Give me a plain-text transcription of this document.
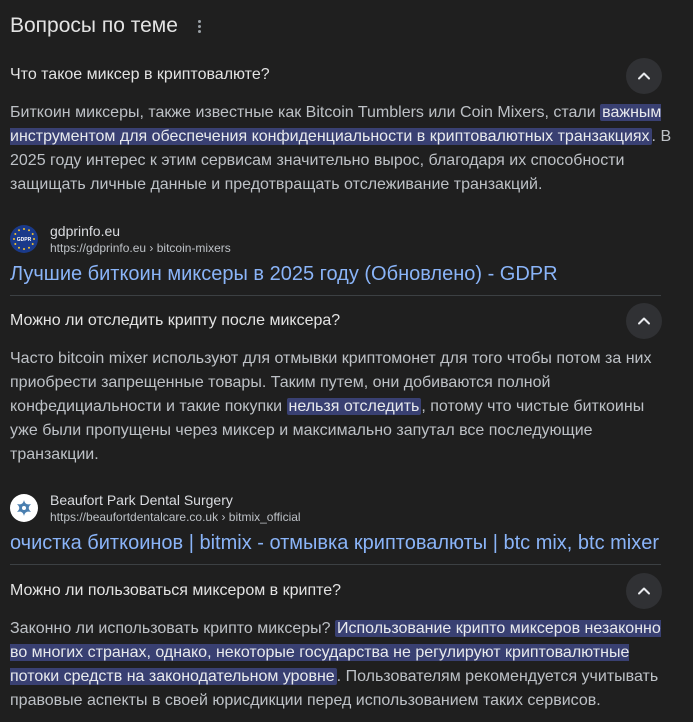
Вопросы по теме
Что такое миксер в криптовалюте?
Биткоин миксеры, также известные как Bitcoin Tumblers или Coin Mixers, стали важным инструментом для обеспечения конфиденциальности в криптовалютных транзакциях . В 2025 году интерес к этим сервисам значительно вырос, благодаря их способности защищать личные данные и предотвращать отслеживание транзакций.
GDPR
gdprinfo.eu
https://gdprinfo.eu › bitcoin-mixers
Лучшие биткоин миксеры в 2025 году (Обновлено) - GDPR
Можно ли отследить крипту после миксера?
Часто bitcoin mixer используют для отмывки криптомонет для того чтобы потом за них приобрести запрещенные товары. Таким путем, они добиваются полной конфедициальности и такие покупки нельзя отследить , потому что чистые биткоины уже были пропущены через миксер и максимально запутал все последующие транзакции.
Beaufort Park Dental Surgery
https://beaufortdentalcare.co.uk › bitmix_official
очистка биткоинов | bitmix - отмывка криптовалюты | btc mix, btc mixer
Можно ли пользоваться миксером в крипте?
Законно ли использовать крипто миксеры? Использование крипто миксеров незаконно во многих странах, однако, некоторые государства не регулируют криптовалютные потоки средств на законодательном уровне . Пользователям рекомендуется учитывать правовые аспекты в своей юрисдикции перед использованием таких сервисов.
